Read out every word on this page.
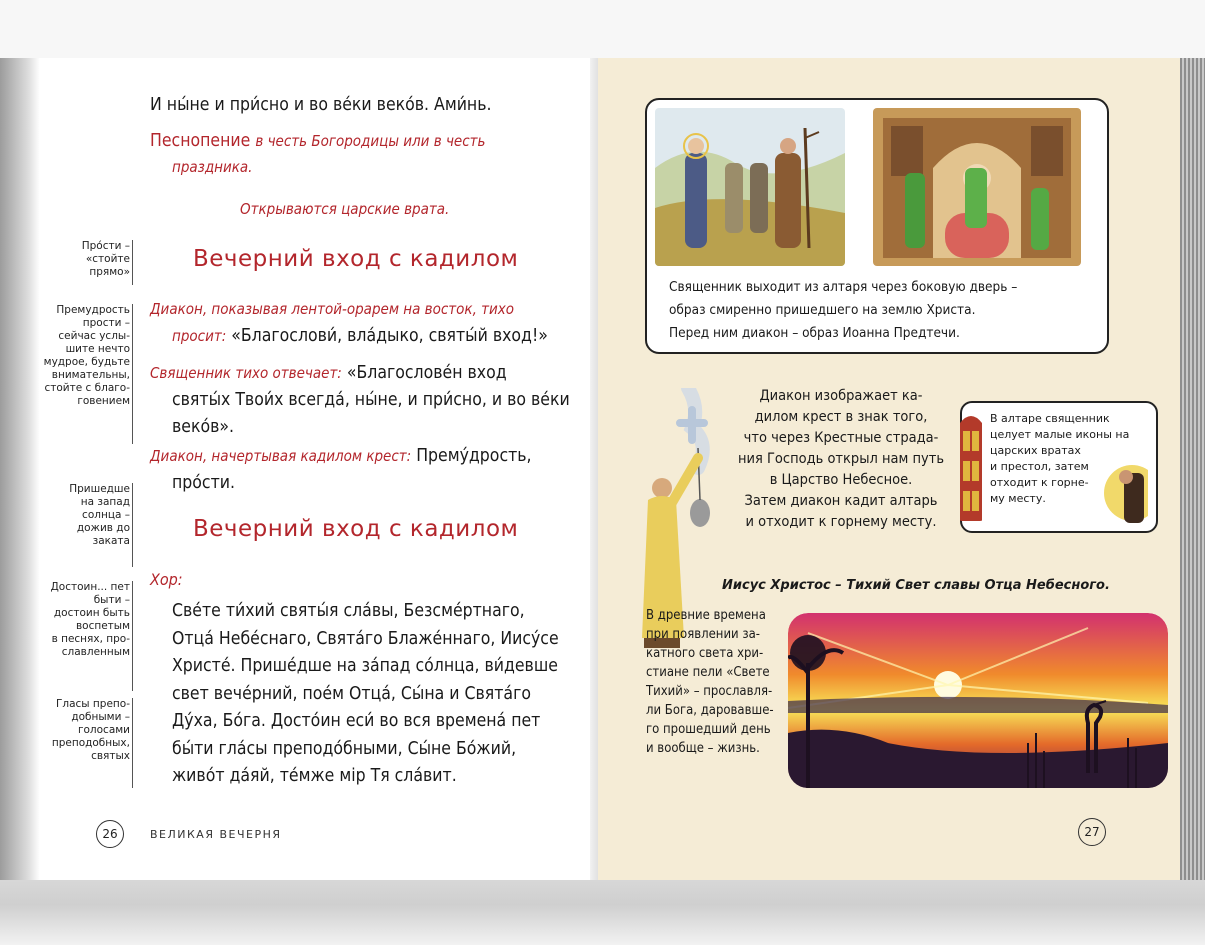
И ны́не и при́сно и во ве́ки веко́в. Ами́нь.
Песнопение в честь Богородицы или в честь
праздника.
Открываются царские врата.
Вечерний вход с кадилом
Диакон, показывая лентой-орарем на восток, тихо
просит: «Благослови́, вла́дыко, святы́й вход!»
Священник тихо отвечает: «Благослове́н вход
святы́х Твои́х всегда́, ны́не, и при́сно, и во ве́ки
веко́в».
Диакон, начертывая кадилом крест: Прему́дрость,
про́сти.
Вечерний вход с кадилом
Хор:
Све́те ти́хий святы́я сла́вы, Безсме́ртнаго,
Отца́ Небе́снаго, Свята́го Блаже́ннаго, Иису́се
Христе́. Прише́дше на за́пад со́лнца, ви́девше
свет вече́рний, пое́м Отца́, Сы́на и Свята́го
Ду́ха, Бо́га. Досто́ин еси́ во вся времена́ пет
бы́ти гла́сы преподо́бными, Сы́не Бо́жий,
живо́т да́яй, те́мже мір Тя сла́вит.
Про́сти –
«стойте
прямо»
Премудрость
прости –
сейчас услы-
шите нечто
мудрое, будьте
внимательны,
стойте с благо-
говением
Пришедше
на запад
солнца –
дожив до
заката
Достоин... пет
быти –
достоин быть
воспетым
в песнях, про-
славленным
Гласы препо-
добными –
голосами
преподобных,
святых
26	ВЕЛИКАЯ ВЕЧЕРНЯ
Священник выходит из алтаря через боковую дверь –
образ смиренно пришедшего на землю Христа.
Перед ним диакон – образ Иоанна Предтечи.
Диакон изображает ка-
дилом крест в знак того,
что через Крестные страда-
ния Господь открыл нам путь
в Царство Небесное.
Затем диакон кадит алтарь
и отходит к горнему месту.
В алтаре священник
целует малые иконы на
царских вратах
и престол, затем
отходит к горне-
му месту.
Иисус Христос – Тихий Свет славы Отца Небесного.
В древние времена
при появлении за-
катного света хри-
стиане пели «Свете
Тихий» – прославля-
ли Бога, даровавше-
го прошедший день
и вообще – жизнь.
27
